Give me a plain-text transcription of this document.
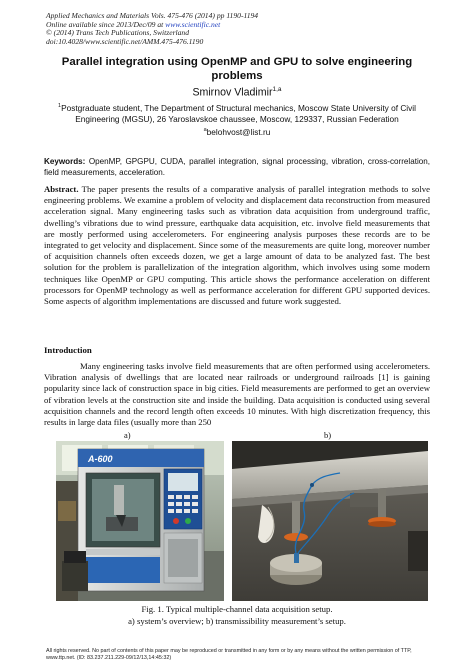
Applied Mechanics and Materials Vols. 475-476 (2014) pp 1190-1194
Online available since 2013/Dec/09 at www.scientific.net
© (2014) Trans Tech Publications, Switzerland
doi:10.4028/www.scientific.net/AMM.475-476.1190
Parallel integration using OpenMP and GPU to solve engineering problems
Smirnov Vladimir$^{1,a}$
$^1$Postgraduate student, The Department of Structural mechanics, Moscow State University of Civil Engineering (MGSU), 26 Yaroslavskoe chaussee, Moscow, 129337, Russian Federation
$^a$belohvost@list.ru
Keywords: OpenMP, GPGPU, CUDA, parallel integration, signal processing, vibration, cross-correlation, field measurements, acceleration.
Abstract. The paper presents the results of a comparative analysis of parallel integration methods to solve engineering problems. We examine a problem of velocity and displacement data reconstruction from measured acceleration signal. Many engineering tasks such as vibration data acquisition from underground traffic, dwelling’s vibrations due to wind pressure, earthquake data acquisition, etc. involve field measurements that are mostly performed using accelerometers. For engineering analysis purposes these records are to be integrated to get velocity and displacement. Since some of the measurements are quite long, moreover number of acquisition channels often exceeds dozen, we get a large amount of data to be analyzed fast. The best solution for the problem is parallelization of the integration algorithm, which involves using some modern techniques like OpenMP or GPU computing. This article shows the performance acceleration on different processors for OpenMP technology as well as performance acceleration for different GPU supported devices. Some aspects of algorithm implementations are discussed and future work suggested.
Introduction
Many engineering tasks involve field measurements that are often performed using accelerometers. Vibration analysis of dwellings that are located near railroads or underground railroads [1] is gaining popularity since lack of construction space in big cities. Field measurements are performed to get an overview of vibration levels at the construction site and inside the building. Data acquisition is conducted using several acquisition channels and the record length often exceeds 10 minutes. With high discretization frequency, this results in large data files (usually more than 250
a)	b)
A-600
Fig. 1. Typical multiple-channel data acquisition setup.
a) system’s overview; b) transmissibility measurement’s setup.
All rights reserved. No part of contents of this paper may be reproduced or transmitted in any form or by any means without the written permission of TTP,
www.ttp.net. (ID: 83.237.211.229-09/12/13,14:45:32)
